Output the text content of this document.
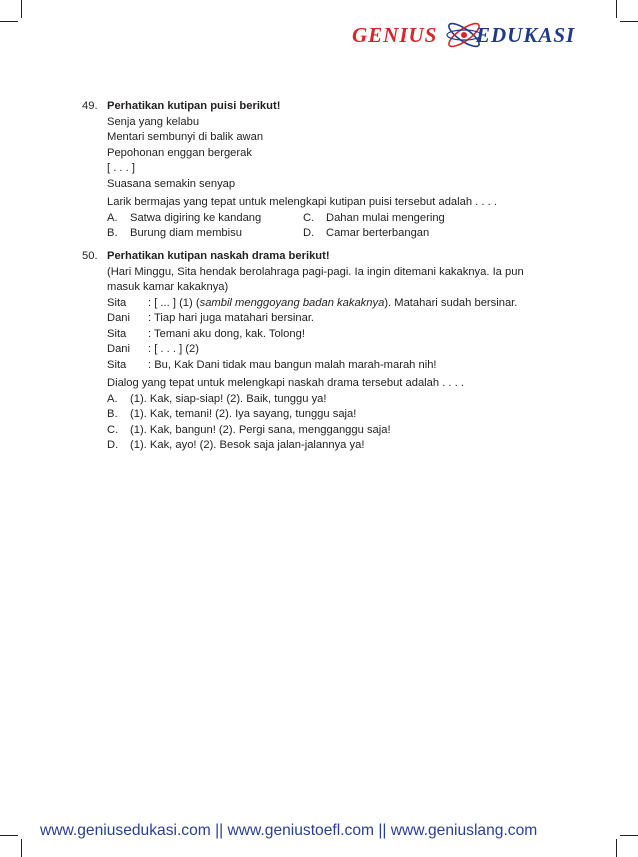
GENIUS EDUKASI
49. Perhatikan kutipan puisi berikut!
Senja yang kelabu
Mentari sembunyi di balik awan
Pepohonan enggan bergerak
[ . . . ]
Suasana semakin senyap
Larik bermajas yang tepat untuk melengkapi kutipan puisi tersebut adalah . . . .
A.	Satwa digiring ke kandang	C.	Dahan mulai mengering
B.	Burung diam membisu	D.	Camar berterbangan
50. Perhatikan kutipan naskah drama berikut!
(Hari Minggu, Sita hendak berolahraga pagi-pagi. Ia ingin ditemani kakaknya. Ia pun
masuk kamar kakaknya)
Sita	: [ ... ] (1) (sambil menggoyang badan kakaknya). Matahari sudah bersinar.
Dani	: Tiap hari juga matahari bersinar.
Sita	: Temani aku dong, kak. Tolong!
Dani	: [ . . . ] (2)
Sita	: Bu, Kak Dani tidak mau bangun malah marah-marah nih!
Dialog yang tepat untuk melengkapi naskah drama tersebut adalah . . . .
A.	(1). Kak, siap-siap! (2). Baik, tunggu ya!
B.	(1). Kak, temani! (2). Iya sayang, tunggu saja!
C.	(1). Kak, bangun! (2). Pergi sana, mengganggu saja!
D.	(1). Kak, ayo! (2). Besok saja jalan-jalannya ya!
www.geniusedukasi.com || www.geniustoefl.com || www.geniuslang.com
